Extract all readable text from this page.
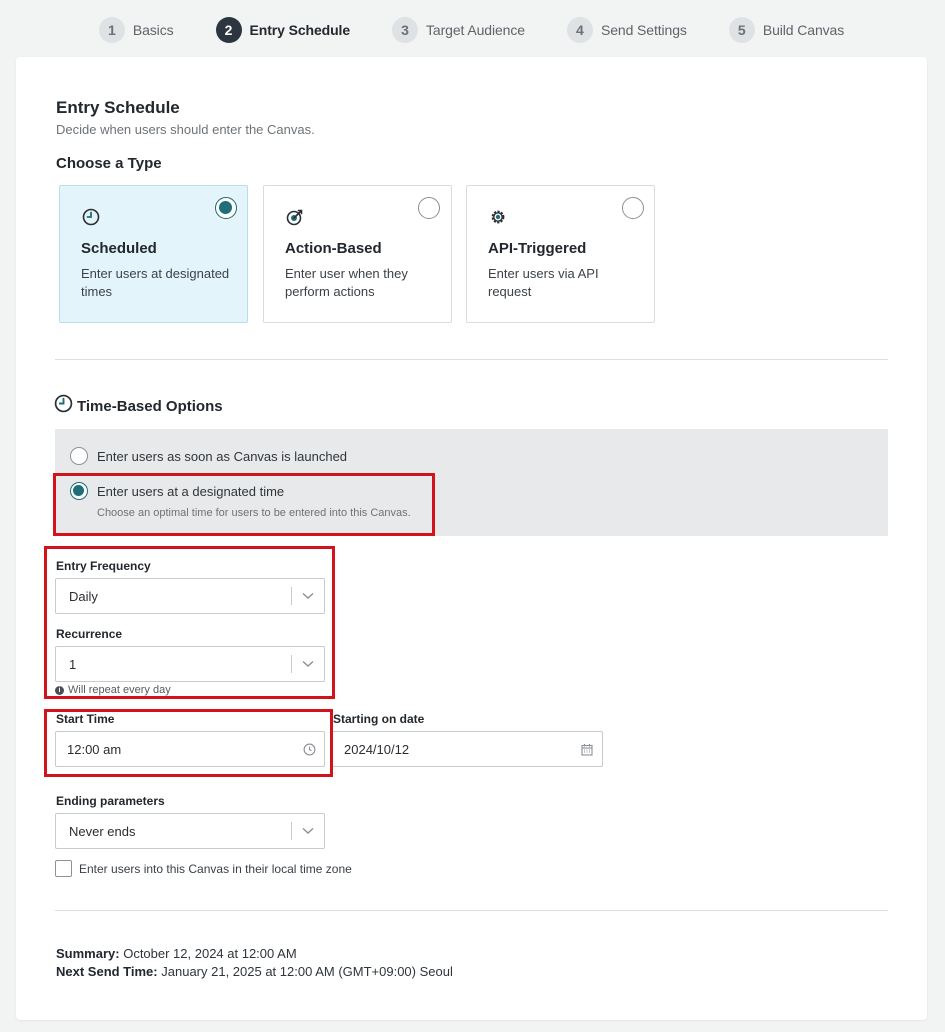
1	Basics	2	Entry Schedule	3	Target Audience	4	Send Settings	5	Build Canvas
Entry Schedule
Decide when users should enter the Canvas.
Choose a Type
Scheduled
Enter users at designated times
Action-Based
Enter user when they perform actions
API-Triggered
Enter users via API request
Time-Based Options
Enter users as soon as Canvas is launched
Enter users at a designated time
Choose an optimal time for users to be entered into this Canvas.
Entry Frequency
Daily
Recurrence
1
i Will repeat every day
Start Time
12:00 am
Starting on date
2024/10/12
Ending parameters
Never ends
Enter users into this Canvas in their local time zone
Summary: October 12, 2024 at 12:00 AM
Next Send Time: January 21, 2025 at 12:00 AM (GMT+09:00) Seoul
